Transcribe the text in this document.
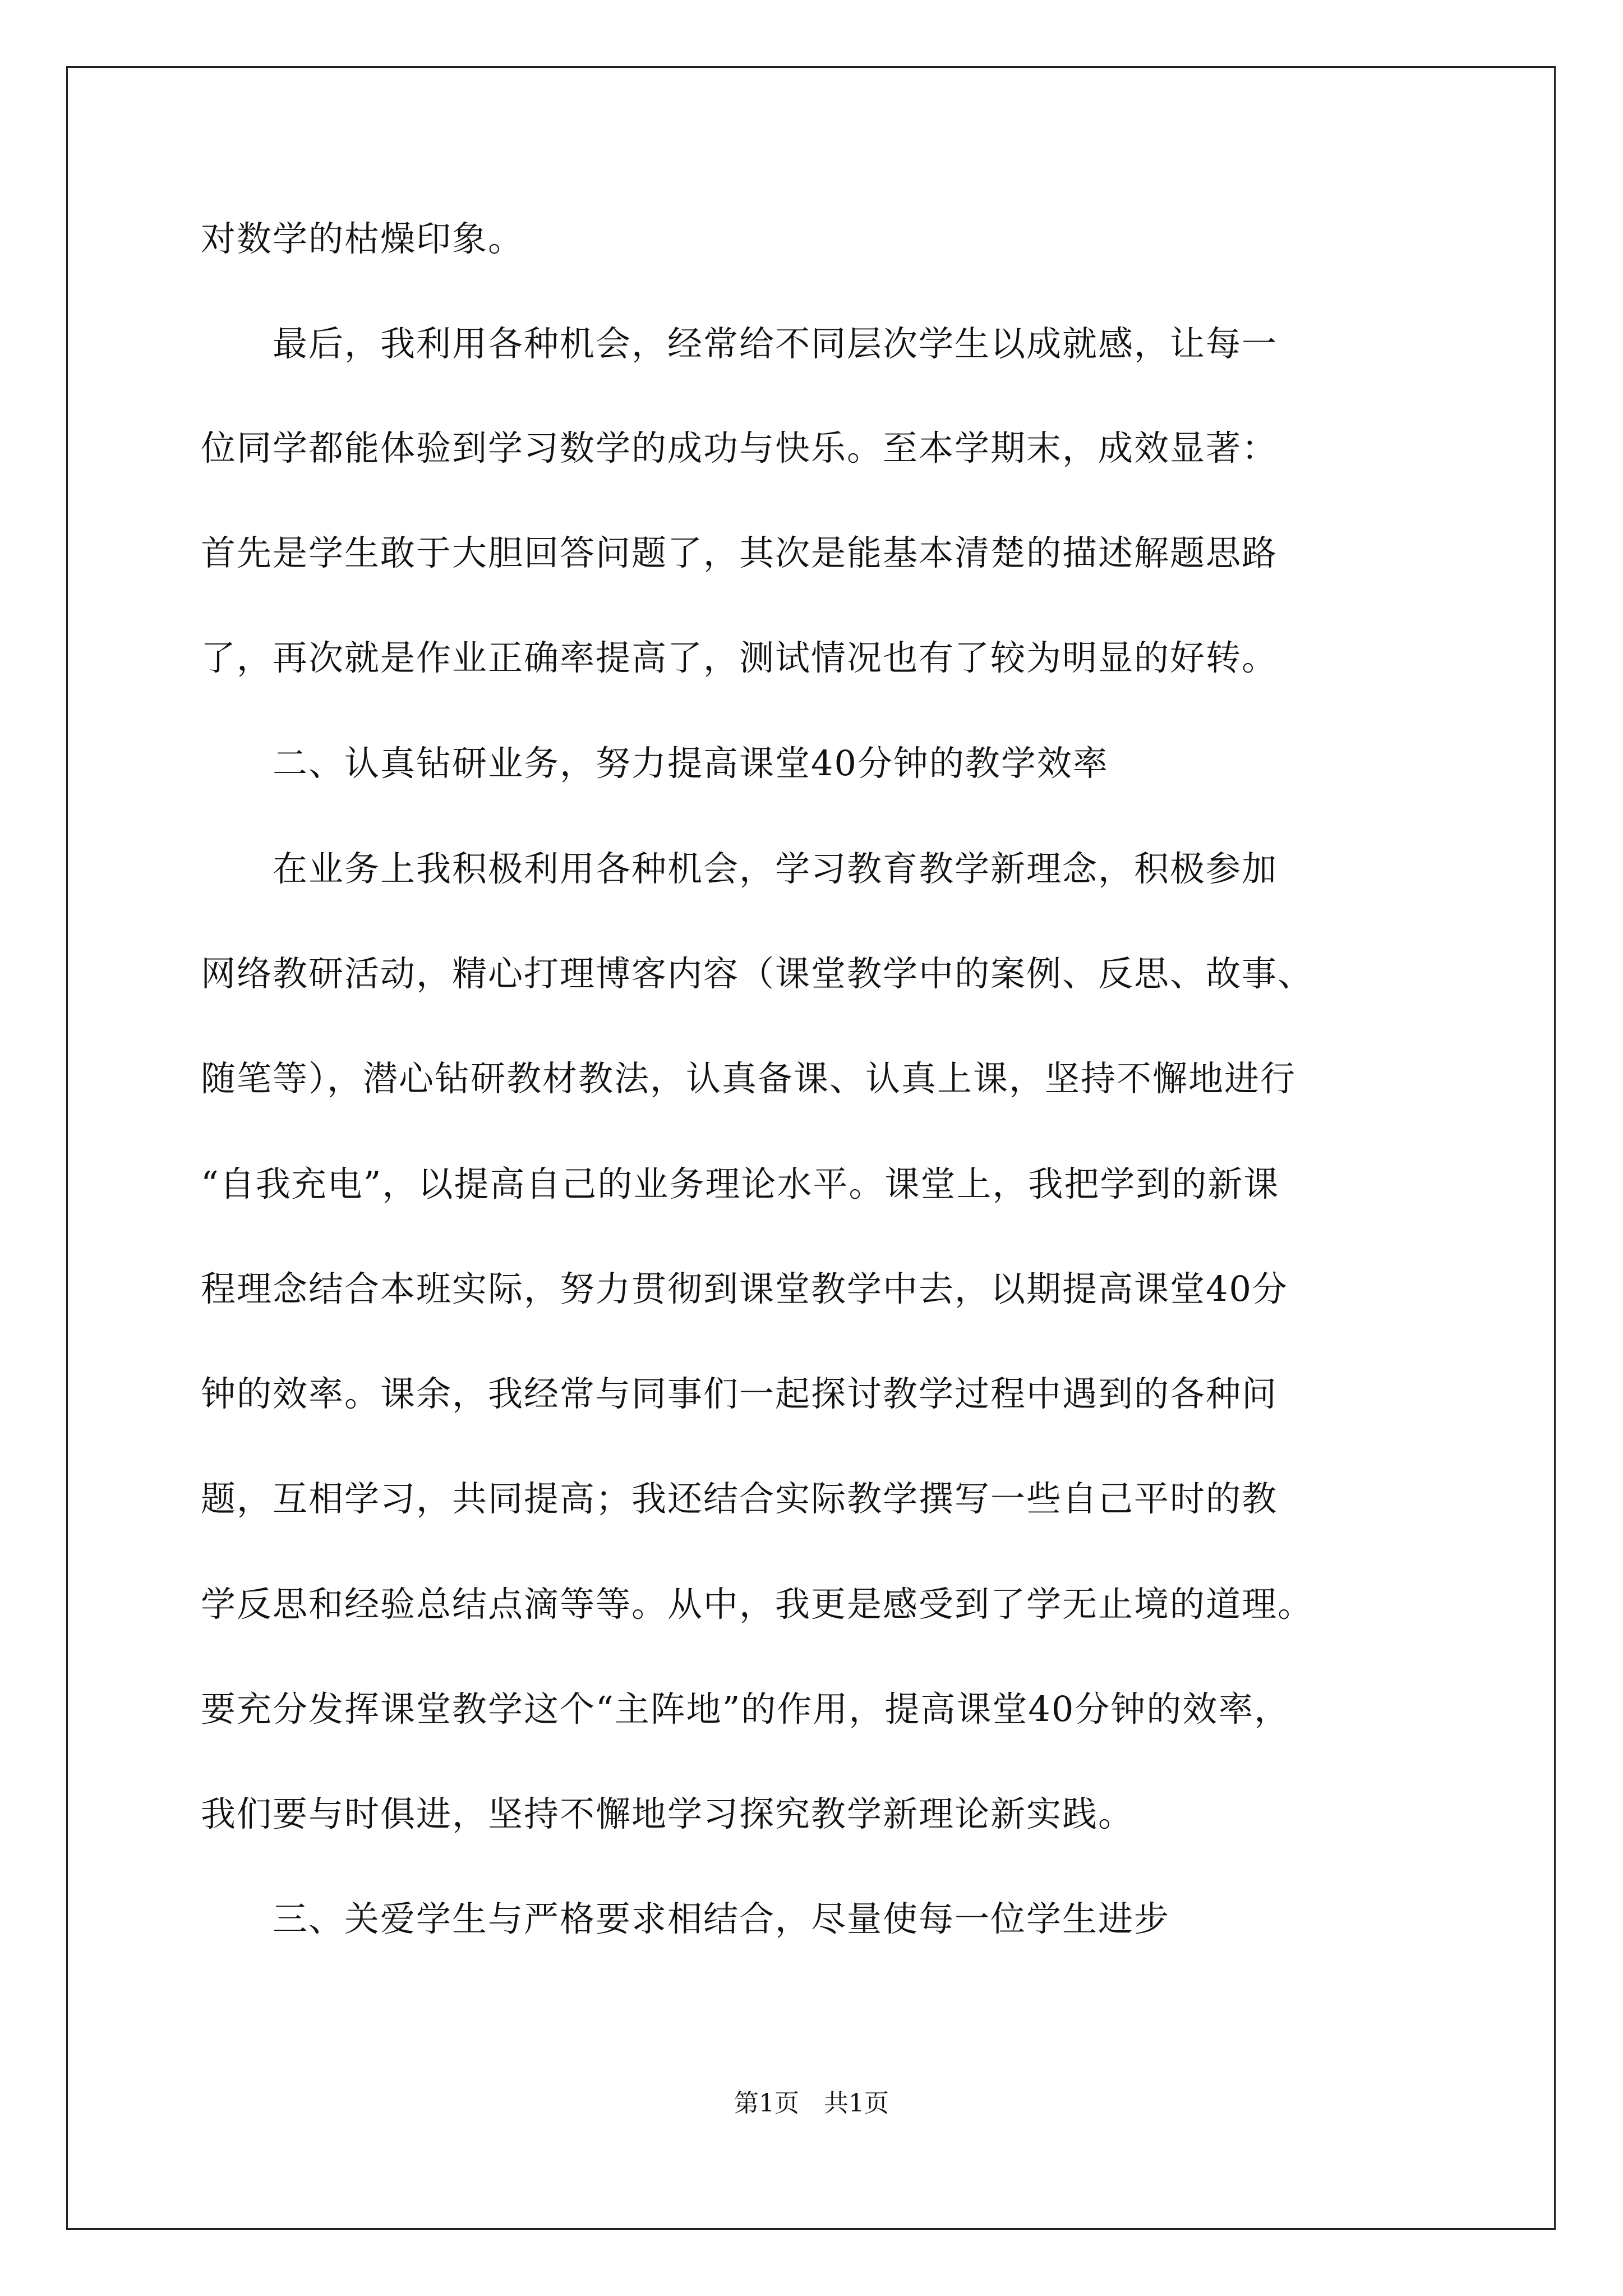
对数学的枯燥印象。
　　最后，我利用各种机会，经常给不同层次学生以成就感，让每一
位同学都能体验到学习数学的成功与快乐。至本学期末，成效显著：
首先是学生敢于大胆回答问题了，其次是能基本清楚的描述解题思路
了，再次就是作业正确率提高了，测试情况也有了较为明显的好转。
　　二、认真钻研业务，努力提高课堂40分钟的教学效率
　　在业务上我积极利用各种机会，学习教育教学新理念，积极参加
网络教研活动，精心打理博客内容（课堂教学中的案例、反思、故事、
随笔等），潜心钻研教材教法，认真备课、认真上课，坚持不懈地进行
“自我充电”，以提高自己的业务理论水平。课堂上，我把学到的新课
程理念结合本班实际，努力贯彻到课堂教学中去，以期提高课堂40分
钟的效率。课余，我经常与同事们一起探讨教学过程中遇到的各种问
题，互相学习，共同提高；我还结合实际教学撰写一些自己平时的教
学反思和经验总结点滴等等。从中，我更是感受到了学无止境的道理。
要充分发挥课堂教学这个“主阵地”的作用，提高课堂40分钟的效率，
我们要与时俱进，坚持不懈地学习探究教学新理论新实践。
　　三、关爱学生与严格要求相结合，尽量使每一位学生进步
第1页　共1页
